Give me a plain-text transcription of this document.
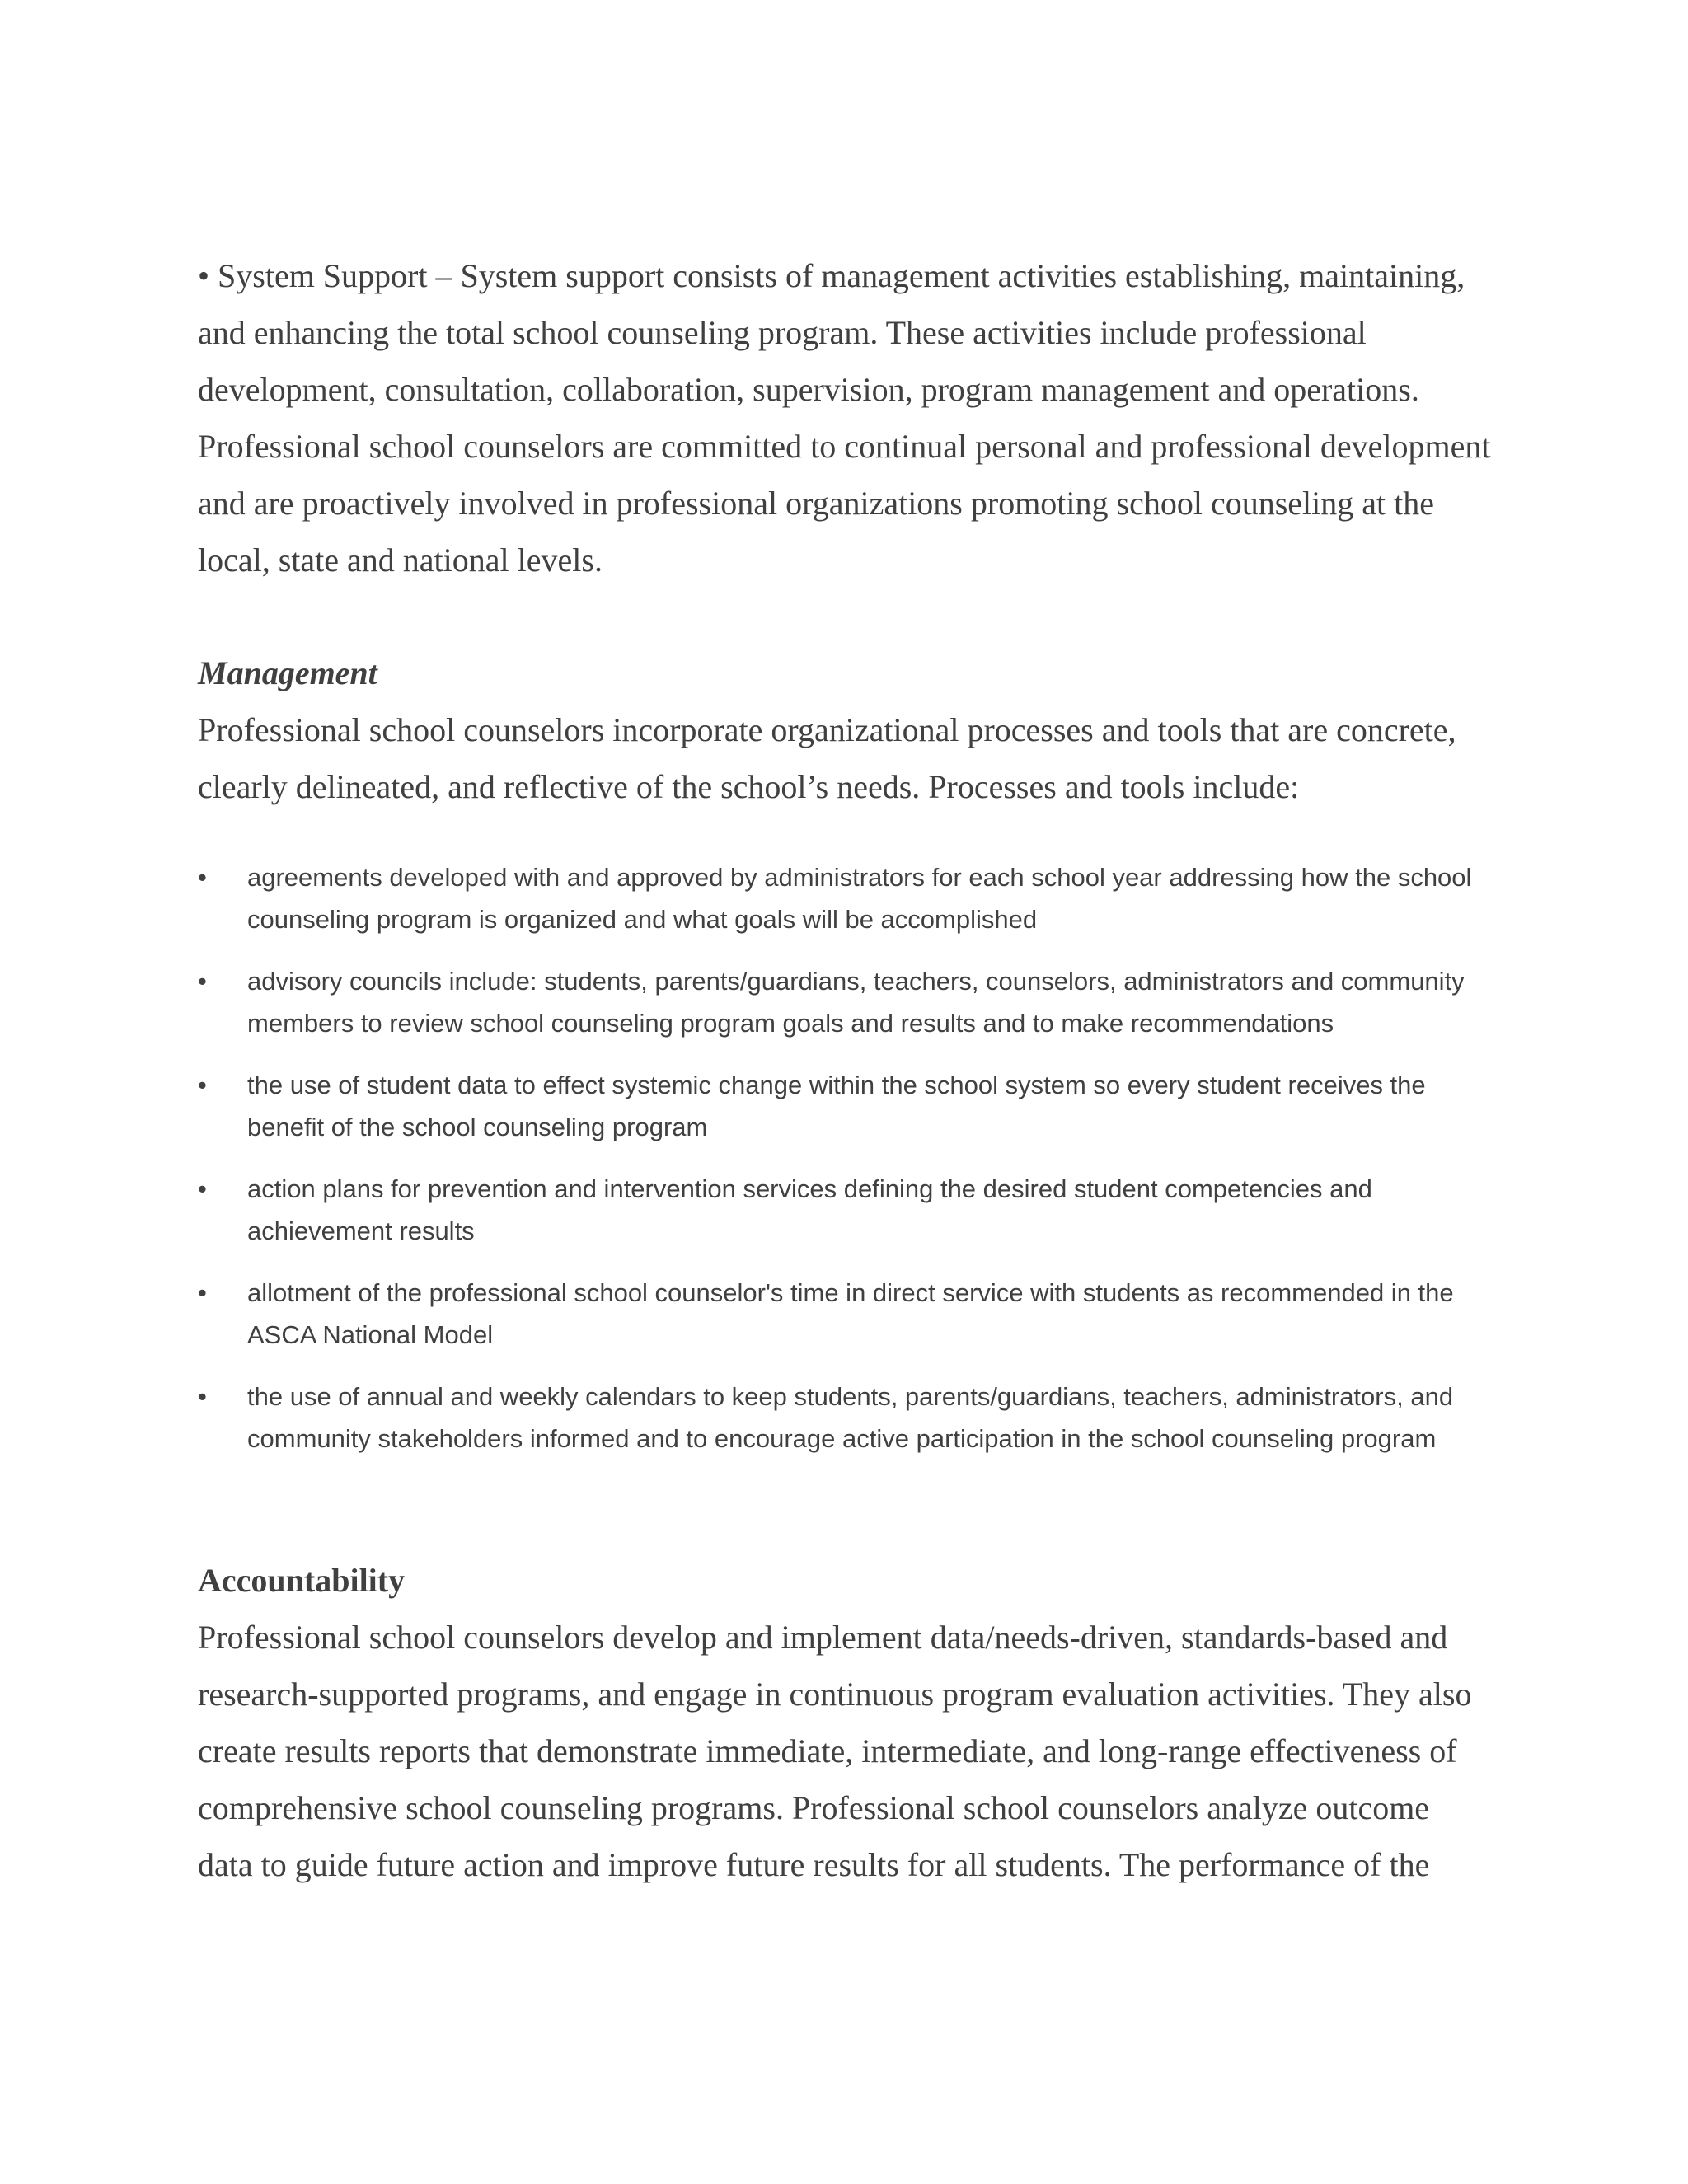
• System Support – System support consists of management activities establishing, maintaining, and enhancing the total school counseling program. These activities include professional development, consultation, collaboration, supervision, program management and operations. Professional school counselors are committed to continual personal and professional development and are proactively involved in professional organizations promoting school counseling at the local, state and national levels.

Management

Professional school counselors incorporate organizational processes and tools that are concrete, clearly delineated, and reflective of the school’s needs. Processes and tools include:

•	agreements developed with and approved by administrators for each school year addressing how the school counseling program is organized and what goals will be accomplished
•	advisory councils include: students, parents/guardians, teachers, counselors, administrators and community members to review school counseling program goals and results and to make recommendations
•	the use of student data to effect systemic change within the school system so every student receives the benefit of the school counseling program
•	action plans for prevention and intervention services defining the desired student competencies and achievement results
•	allotment of the professional school counselor's time in direct service with students as recommended in the ASCA National Model
•	the use of annual and weekly calendars to keep students, parents/guardians, teachers, administrators, and community stakeholders informed and to encourage active participation in the school counseling program
Accountability

Professional school counselors develop and implement data/needs-driven, standards-based and research-supported programs, and engage in continuous program evaluation activities. They also create results reports that demonstrate immediate, intermediate, and long-range effectiveness of comprehensive school counseling programs. Professional school counselors analyze outcome data to guide future action and improve future results for all students. The performance of the
